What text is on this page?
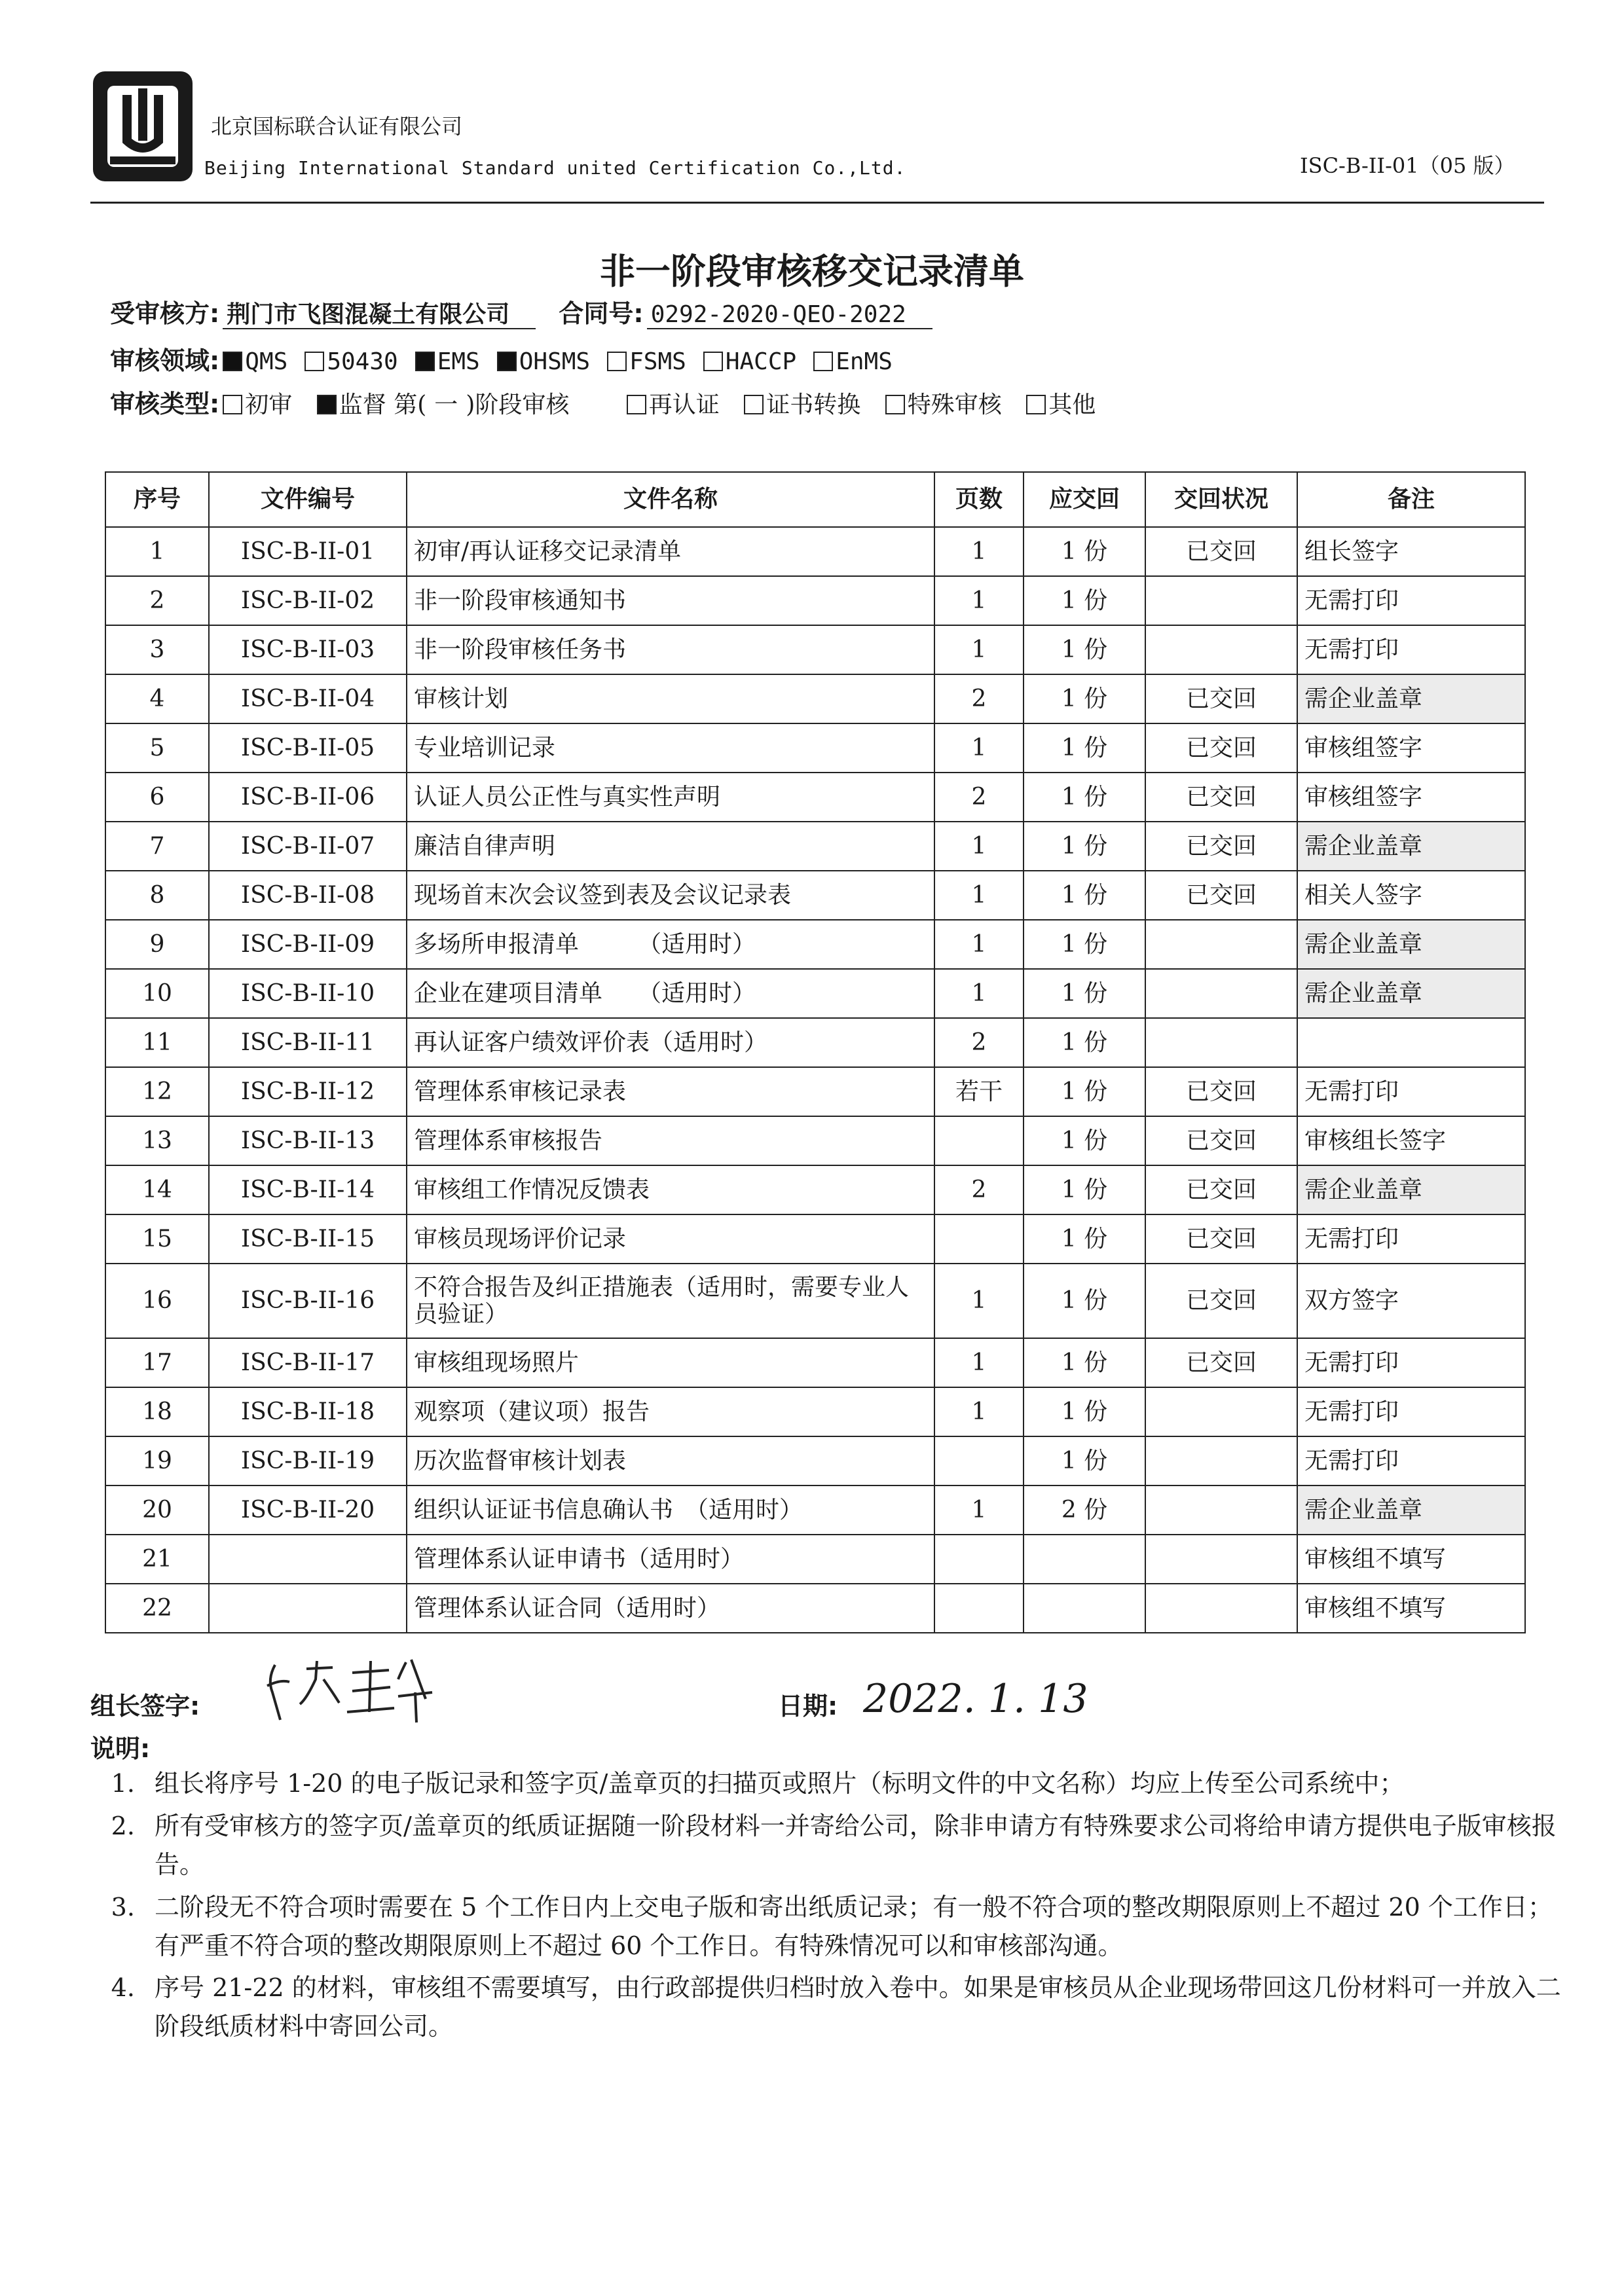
北京国标联合认证有限公司
Beijing International Standard united Certification Co.,Ltd.	ISC-B-II-01（05 版）
非一阶段审核移交记录清单
受审核方: 荆门市飞图混凝土有限公司 合同号: 0292-2020-QEO-2022
审核领域: QMS 50430 EMS OHSMS FSMS HACCP EnMS
审核类型: 初审 监督 第( 一 )阶段审核	再认证 证书转换 特殊审核 其他
序号	文件编号	文件名称	页数	应交回	交回状况	备注
1	ISC-B-II-01	初审/再认证移交记录清单	1	1 份	已交回	组长签字
2	ISC-B-II-02	非一阶段审核通知书	1	1 份		无需打印
3	ISC-B-II-03	非一阶段审核任务书	1	1 份		无需打印
4	ISC-B-II-04	审核计划	2	1 份	已交回	需企业盖章
5	ISC-B-II-05	专业培训记录	1	1 份	已交回	审核组签字
6	ISC-B-II-06	认证人员公正性与真实性声明	2	1 份	已交回	审核组签字
7	ISC-B-II-07	廉洁自律声明	1	1 份	已交回	需企业盖章
8	ISC-B-II-08	现场首末次会议签到表及会议记录表	1	1 份	已交回	相关人签字
9	ISC-B-II-09	多场所申报清单　　　（适用时）	1	1 份		需企业盖章
10	ISC-B-II-10	企业在建项目清单　　（适用时）	1	1 份		需企业盖章
11	ISC-B-II-11	再认证客户绩效评价表（适用时）	2	1 份		
12	ISC-B-II-12	管理体系审核记录表	若干	1 份	已交回	无需打印
13	ISC-B-II-13	管理体系审核报告		1 份	已交回	审核组长签字
14	ISC-B-II-14	审核组工作情况反馈表	2	1 份	已交回	需企业盖章
15	ISC-B-II-15	审核员现场评价记录		1 份	已交回	无需打印
16	ISC-B-II-16	不符合报告及纠正措施表（适用时，需要专业人员验证）	1	1 份	已交回	双方签字
17	ISC-B-II-17	审核组现场照片	1	1 份	已交回	无需打印
18	ISC-B-II-18	观察项（建议项）报告	1	1 份		无需打印
19	ISC-B-II-19	历次监督审核计划表		1 份		无需打印
20	ISC-B-II-20	组织认证证书信息确认书　（适用时）	1	2 份		需企业盖章
21		管理体系认证申请书（适用时）				审核组不填写
22		管理体系认证合同（适用时）				审核组不填写
组长签字:	日期: 2022. 1. 13
说明:
1. 组长将序号 1-20 的电子版记录和签字页/盖章页的扫描页或照片（标明文件的中文名称）均应上传至公司系统中；
2. 所有受审核方的签字页/盖章页的纸质证据随一阶段材料一并寄给公司，除非申请方有特殊要求公司将给申请方提供电子版审核报告。
3. 二阶段无不符合项时需要在 5 个工作日内上交电子版和寄出纸质记录；有一般不符合项的整改期限原则上不超过 20 个工作日；有严重不符合项的整改期限原则上不超过 60 个工作日。有特殊情况可以和审核部沟通。
4. 序号 21-22 的材料，审核组不需要填写，由行政部提供归档时放入卷中。如果是审核员从企业现场带回这几份材料可一并放入二阶段纸质材料中寄回公司。
